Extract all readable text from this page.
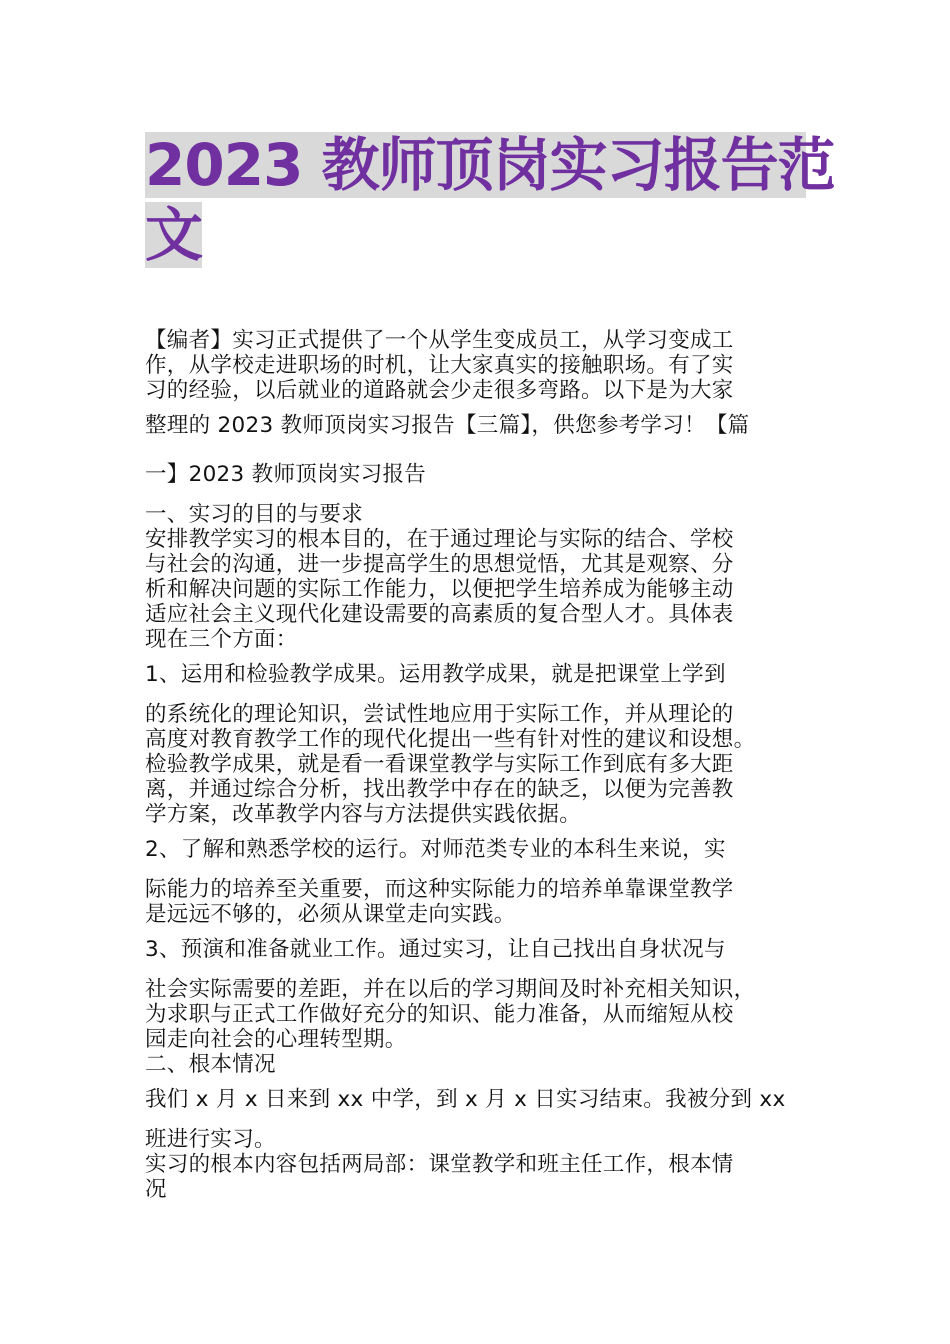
2023 教师顶岗实习报告范
文
【编者】实习正式提供了一个从学生变成员工，从学习变成工
作，从学校走进职场的时机，让大家真实的接触职场。有了实
习的经验，以后就业的道路就会少走很多弯路。以下是为大家
整理的 2023 教师顶岗实习报告【三篇】，供您参考学习！【篇
一】2023 教师顶岗实习报告
一、实习的目的与要求
安排教学实习的根本目的，在于通过理论与实际的结合、学校
与社会的沟通，进一步提高学生的思想觉悟，尤其是观察、分
析和解决问题的实际工作能力，以便把学生培养成为能够主动
适应社会主义现代化建设需要的高素质的复合型人才。具体表
现在三个方面：
1、运用和检验教学成果。运用教学成果，就是把课堂上学到
的系统化的理论知识，尝试性地应用于实际工作，并从理论的
高度对教育教学工作的现代化提出一些有针对性的建议和设想。
检验教学成果，就是看一看课堂教学与实际工作到底有多大距
离，并通过综合分析，找出教学中存在的缺乏，以便为完善教
学方案，改革教学内容与方法提供实践依据。
2、了解和熟悉学校的运行。对师范类专业的本科生来说，实
际能力的培养至关重要，而这种实际能力的培养单靠课堂教学
是远远不够的，必须从课堂走向实践。
3、预演和准备就业工作。通过实习，让自己找出自身状况与
社会实际需要的差距，并在以后的学习期间及时补充相关知识，
为求职与正式工作做好充分的知识、能力准备，从而缩短从校
园走向社会的心理转型期。
二、根本情况
我们 x 月 x 日来到 xx 中学，到 x 月 x 日实习结束。我被分到 xx
班进行实习。
实习的根本内容包括两局部：课堂教学和班主任工作，根本情
况
